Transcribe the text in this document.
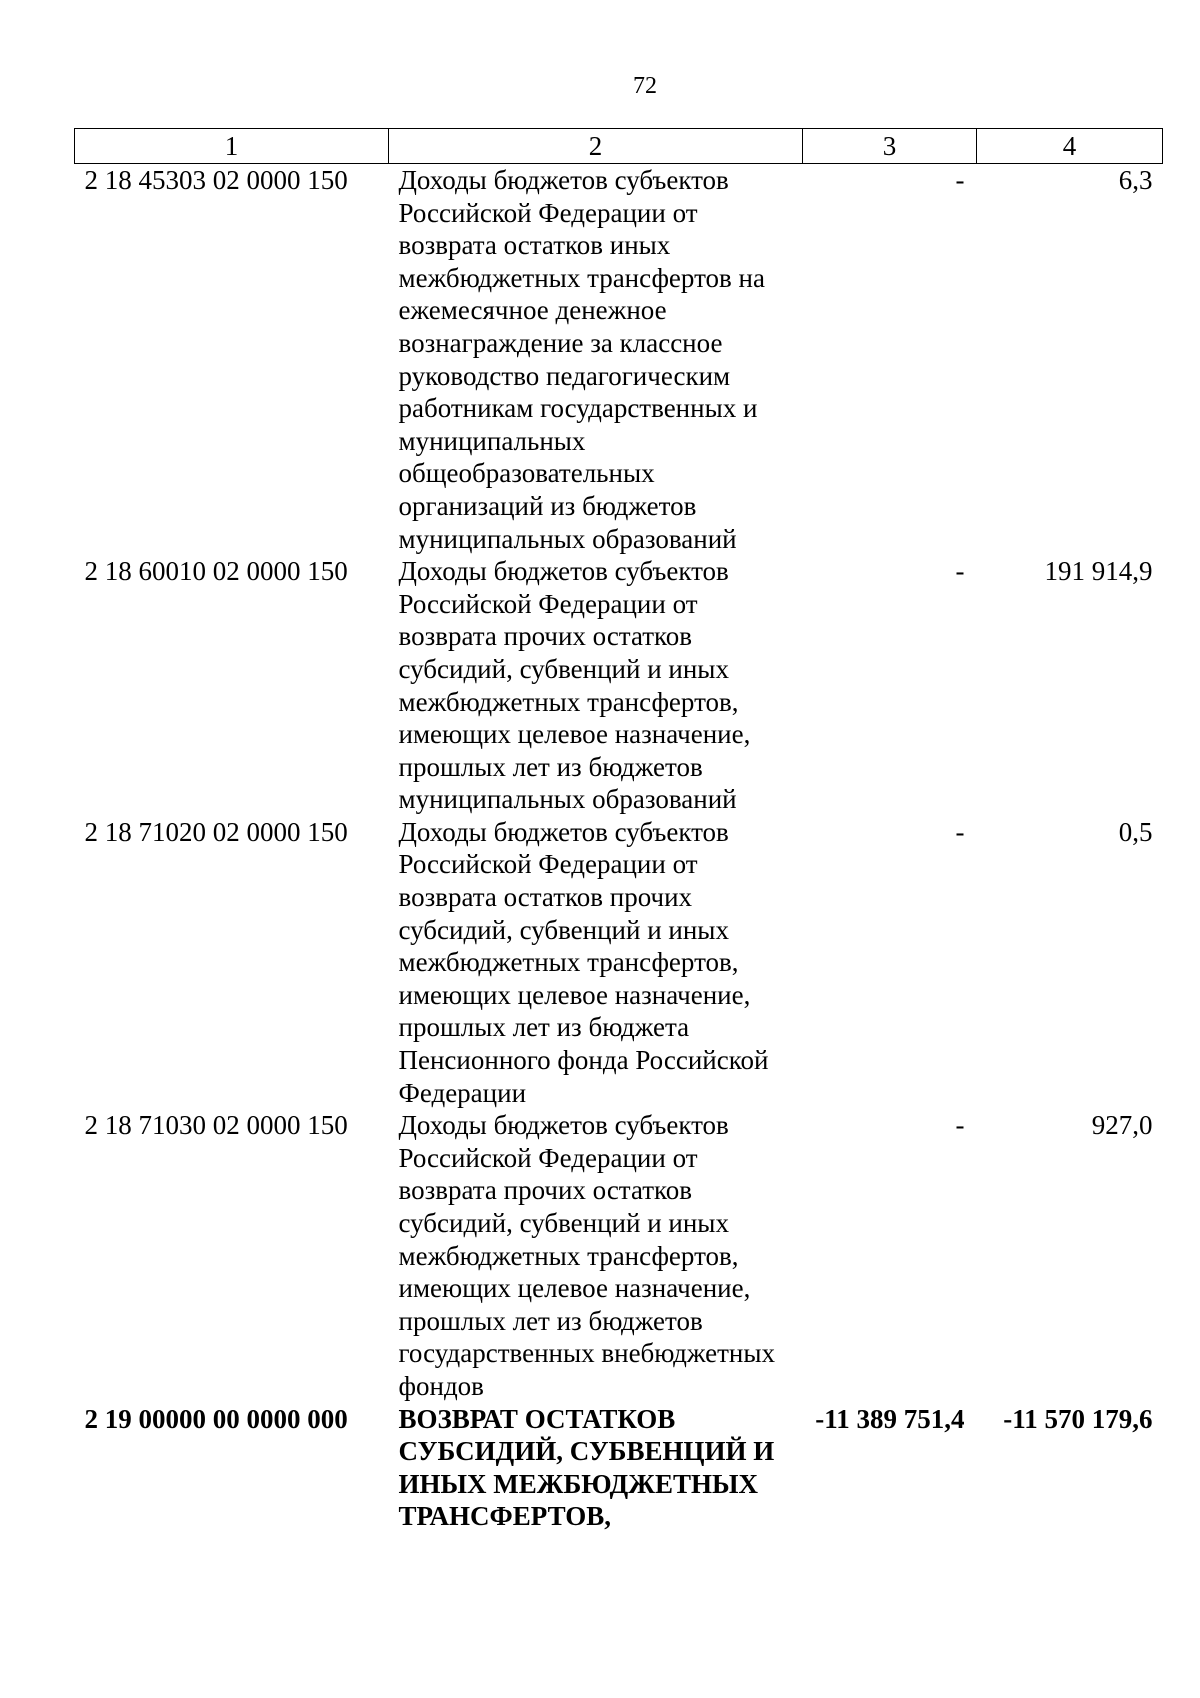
72
1	2	3	4
2 18 45303 02 0000 150	Доходы бюджетов субъектов Российской Федерации от возврата остатков иных межбюджетных трансфертов на ежемесячное денежное вознаграждение за классное руководство педагогическим работникам государственных и муниципальных общеобразовательных организаций из бюджетов муниципальных образований	-	6,3
2 18 60010 02 0000 150	Доходы бюджетов субъектов Российской Федерации от возврата прочих остатков субсидий, субвенций и иных межбюджетных трансфертов, имеющих целевое назначение, прошлых лет из бюджетов муниципальных образований	-	191 914,9
2 18 71020 02 0000 150	Доходы бюджетов субъектов Российской Федерации от возврата остатков прочих субсидий, субвенций и иных межбюджетных трансфертов, имеющих целевое назначение, прошлых лет из бюджета Пенсионного фонда Российской Федерации	-	0,5
2 18 71030 02 0000 150	Доходы бюджетов субъектов Российской Федерации от возврата прочих остатков субсидий, субвенций и иных межбюджетных трансфертов, имеющих целевое назначение, прошлых лет из бюджетов государственных внебюджетных фондов	-	927,0
2 19 00000 00 0000 000	ВОЗВРАТ ОСТАТКОВ СУБСИДИЙ, СУБВЕНЦИЙ И ИНЫХ МЕЖБЮДЖЕТНЫХ ТРАНСФЕРТОВ,	-11 389 751,4	-11 570 179,6
